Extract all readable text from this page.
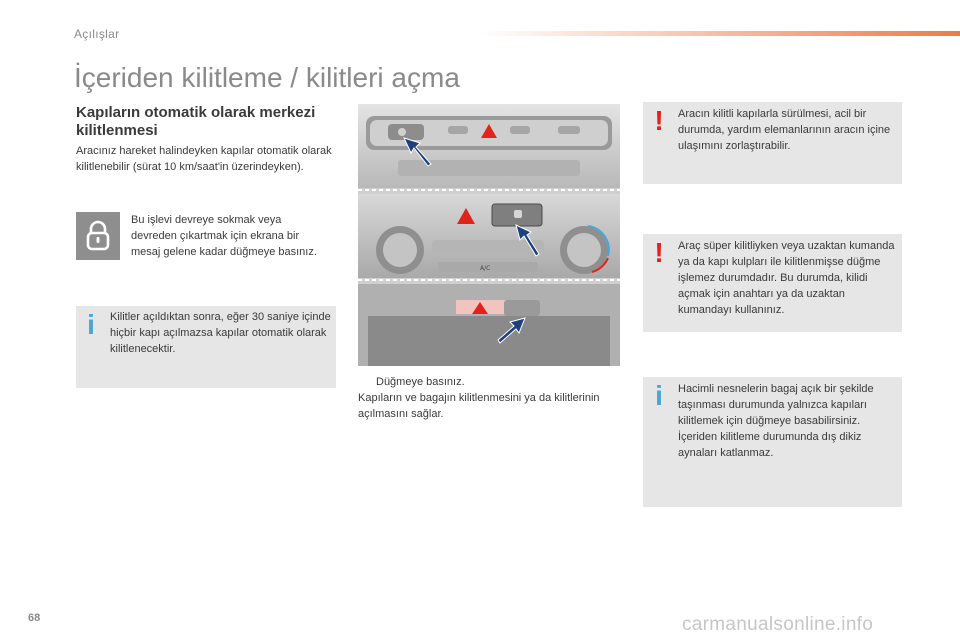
Açılışlar
İçeriden kilitleme / kilitleri açma
Kapıların otomatik olarak merkezi kilitlenmesi
Aracınız hareket halindeyken kapılar otomatik olarak kilitlenebilir (sürat 10 km/saat'in üzerindeyken).
Bu işlevi devreye sokmak veya devreden çıkartmak için ekrana bir mesaj gelene kadar düğmeye basınız.
i	Kilitler açıldıktan sonra, eğer 30 saniye içinde hiçbir kapı açılmazsa kapılar otomatik olarak kilitlenecektir.
A/C
Düğmeye basınız.
Kapıların ve bagajın kilitlenmesini ya da kilitlerinin açılmasını sağlar.
!	Aracın kilitli kapılarla sürülmesi, acil bir durumda, yardım elemanlarının aracın içine ulaşımını zorlaştırabilir.
!	Araç süper kilitliyken veya uzaktan kumanda ya da kapı kulpları ile kilitlenmişse düğme işlemez durumdadır. Bu durumda, kilidi açmak için anahtarı ya da uzaktan kumandayı kullanınız.
i	Hacimli nesnelerin bagaj açık bir şekilde taşınması durumunda yalnızca kapıları kilitlemek için düğmeye basabilirsiniz.
İçeriden kilitleme durumunda dış dikiz aynaları katlanmaz.
68	carmanualsonline.info
